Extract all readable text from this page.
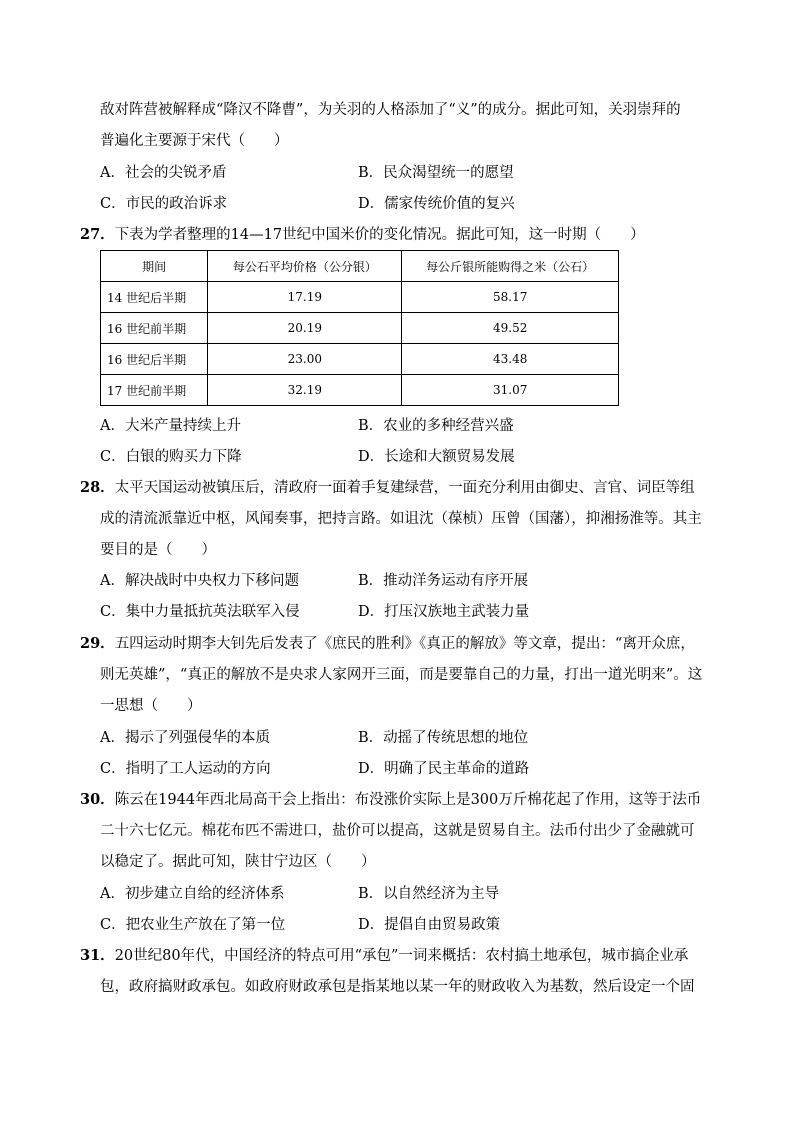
敌对阵营被解释成“降汉不降曹”，为关羽的人格添加了“义”的成分。据此可知，关羽崇拜的
普遍化主要源于宋代（　　）
A．社会的尖锐矛盾	B．民众渴望统一的愿望
C．市民的政治诉求	D．儒家传统价值的复兴
27．下表为学者整理的14—17世纪中国米价的变化情况。据此可知，这一时期（　　）
期间	每公石平均价格（公分银）	每公斤银所能购得之米（公石）
14 世纪后半期	17.19	58.17
16 世纪前半期	20.19	49.52
16 世纪后半期	23.00	43.48
17 世纪前半期	32.19	31.07
A．大米产量持续上升	B．农业的多种经营兴盛
C．白银的购买力下降	D．长途和大额贸易发展
28．太平天国运动被镇压后，清政府一面着手复建绿营，一面充分利用由御史、言官、词臣等组
成的清流派靠近中枢，风闻奏事，把持言路。如诅沈（葆桢）压曾（国藩），抑湘扬淮等。其主
要目的是（　　）
A．解决战时中央权力下移问题	B．推动洋务运动有序开展
C．集中力量抵抗英法联军入侵	D．打压汉族地主武装力量
29．五四运动时期李大钊先后发表了《庶民的胜利》《真正的解放》等文章，提出：“离开众庶，
则无英雄”，“真正的解放不是央求人家网开三面，而是要靠自己的力量，打出一道光明来”。这
一思想（　　）
A．揭示了列强侵华的本质	B．动摇了传统思想的地位
C．指明了工人运动的方向	D．明确了民主革命的道路
30．陈云在1944年西北局高干会上指出：布没涨价实际上是300万斤棉花起了作用，这等于法币
二十六七亿元。棉花布匹不需进口，盐价可以提高，这就是贸易自主。法币付出少了金融就可
以稳定了。据此可知，陕甘宁边区（　　）
A．初步建立自给的经济体系	B．以自然经济为主导
C．把农业生产放在了第一位	D．提倡自由贸易政策
31．20世纪80年代，中国经济的特点可用“承包”一词来概括：农村搞土地承包，城市搞企业承
包，政府搞财政承包。如政府财政承包是指某地以某一年的财政收入为基数，然后设定一个固
